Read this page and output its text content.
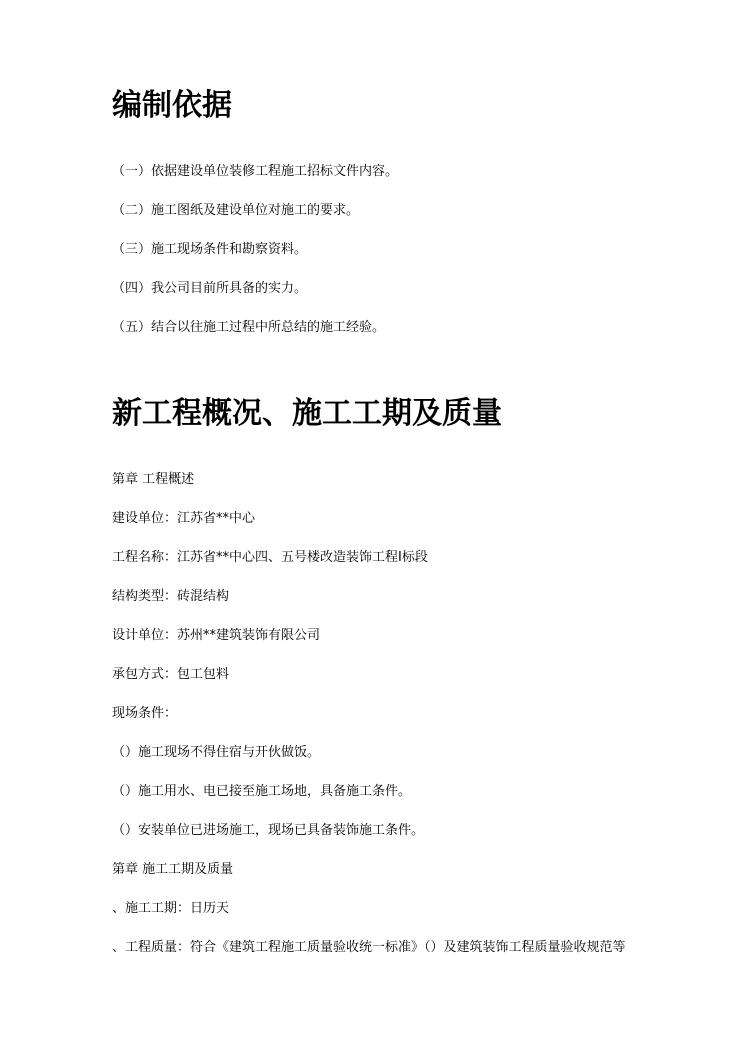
编制依据

（一）依据建设单位装修工程施工招标文件内容。

（二）施工图纸及建设单位对施工的要求。

（三）施工现场条件和勘察资料。

（四）我公司目前所具备的实力。

（五）结合以往施工过程中所总结的施工经验。

新工程概况、施工工期及质量

第章 工程概述

建设单位：江苏省**中心

工程名称：江苏省**中心四、五号楼改造装饰工程Ⅰ标段

结构类型：砖混结构

设计单位：苏州**建筑装饰有限公司

承包方式：包工包料

现场条件：

（）施工现场不得住宿与开伙做饭。

（）施工用水、电已接至施工场地，具备施工条件。

（）安装单位已进场施工，现场已具备装饰施工条件。

第章 施工工期及质量

、施工工期：日历天

、工程质量：符合《建筑工程施工质量验收统一标准》（）及建筑装饰工程质量验收规范等
